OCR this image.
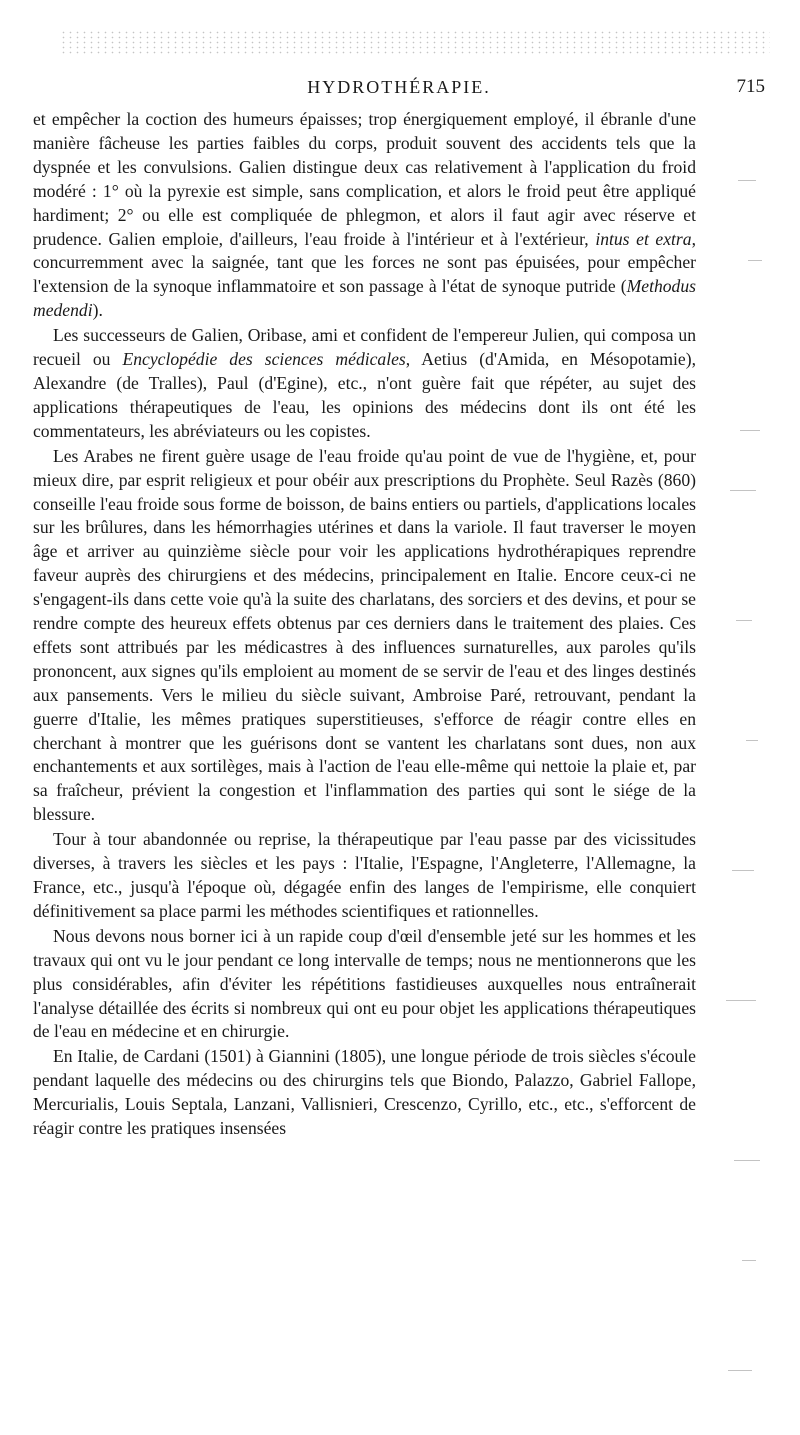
HYDROTHÉRAPIE.	715

et empêcher la coction des humeurs épaisses; trop énergiquement employé, il ébranle d'une manière fâcheuse les parties faibles du corps, produit souvent des accidents tels que la dyspnée et les convulsions. Galien distingue deux cas relativement à l'application du froid modéré : 1° où la pyrexie est simple, sans complication, et alors le froid peut être appliqué hardiment; 2° ou elle est compliquée de phlegmon, et alors il faut agir avec réserve et prudence. Galien emploie, d'ailleurs, l'eau froide à l'intérieur et à l'extérieur, intus et extra, concurremment avec la saignée, tant que les forces ne sont pas épuisées, pour empêcher l'extension de la synoque inflammatoire et son passage à l'état de synoque putride (Methodus medendi).

Les successeurs de Galien, Oribase, ami et confident de l'empereur Julien, qui composa un recueil ou Encyclopédie des sciences médicales, Aetius (d'Amida, en Mésopotamie), Alexandre (de Tralles), Paul (d'Egine), etc., n'ont guère fait que répéter, au sujet des applications thérapeutiques de l'eau, les opinions des médecins dont ils ont été les commentateurs, les abréviateurs ou les copistes.

Les Arabes ne firent guère usage de l'eau froide qu'au point de vue de l'hygiène, et, pour mieux dire, par esprit religieux et pour obéir aux prescriptions du Prophète. Seul Razès (860) conseille l'eau froide sous forme de boisson, de bains entiers ou partiels, d'applications locales sur les brûlures, dans les hémorrhagies utérines et dans la variole. Il faut traverser le moyen âge et arriver au quinzième siècle pour voir les applications hydrothérapiques reprendre faveur auprès des chirurgiens et des médecins, principalement en Italie. Encore ceux-ci ne s'engagent-ils dans cette voie qu'à la suite des charlatans, des sorciers et des devins, et pour se rendre compte des heureux effets obtenus par ces derniers dans le traitement des plaies. Ces effets sont attribués par les médicastres à des influences surnaturelles, aux paroles qu'ils prononcent, aux signes qu'ils emploient au moment de se servir de l'eau et des linges destinés aux pansements. Vers le milieu du siècle suivant, Ambroise Paré, retrouvant, pendant la guerre d'Italie, les mêmes pratiques superstitieuses, s'efforce de réagir contre elles en cherchant à montrer que les guérisons dont se vantent les charlatans sont dues, non aux enchantements et aux sortilèges, mais à l'action de l'eau elle-même qui nettoie la plaie et, par sa fraîcheur, prévient la congestion et l'inflammation des parties qui sont le siége de la blessure.

Tour à tour abandonnée ou reprise, la thérapeutique par l'eau passe par des vicissitudes diverses, à travers les siècles et les pays : l'Italie, l'Espagne, l'Angleterre, l'Allemagne, la France, etc., jusqu'à l'époque où, dégagée enfin des langes de l'empirisme, elle conquiert définitivement sa place parmi les méthodes scientifiques et rationnelles.

Nous devons nous borner ici à un rapide coup d'œil d'ensemble jeté sur les hommes et les travaux qui ont vu le jour pendant ce long intervalle de temps; nous ne mentionnerons que les plus considérables, afin d'éviter les répétitions fastidieuses auxquelles nous entraînerait l'analyse détaillée des écrits si nombreux qui ont eu pour objet les applications thérapeutiques de l'eau en médecine et en chirurgie.

En Italie, de Cardani (1501) à Giannini (1805), une longue période de trois siècles s'écoule pendant laquelle des médecins ou des chirurgins tels que Biondo, Palazzo, Gabriel Fallope, Mercurialis, Louis Septala, Lanzani, Vallisnieri, Crescenzo, Cyrillo, etc., etc., s'efforcent de réagir contre les pratiques insensées
